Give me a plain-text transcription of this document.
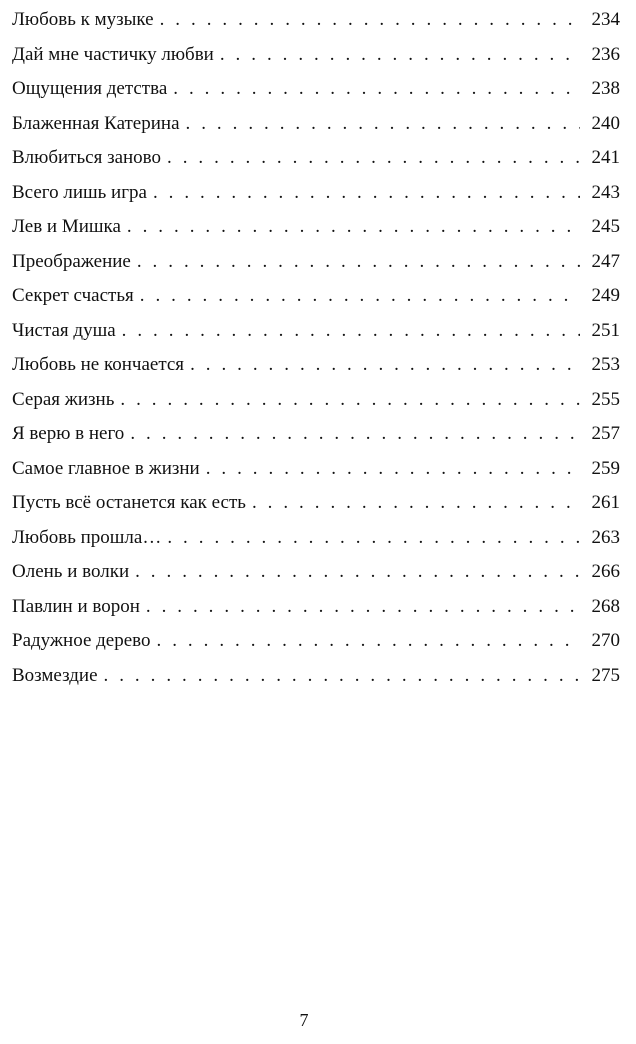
Любовь к музыке . . .	234
Дай мне частичку любви . . .	236
Ощущения детства . . .	238
Блаженная Катерина . . .	240
Влюбиться заново . . .	241
Всего лишь игра . . .	243
Лев и Мишка . . .	245
Преображение . . .	247
Секрет счастья . . .	249
Чистая душа . . .	251
Любовь не кончается . . .	253
Серая жизнь . . .	255
Я верю в него . . .	257
Самое главное в жизни . . .	259
Пусть всё останется как есть . . .	261
Любовь прошла… . . .	263
Олень и волки . . .	266
Павлин и ворон . . .	268
Радужное дерево . . .	270
Возмездие . . .	275
7
